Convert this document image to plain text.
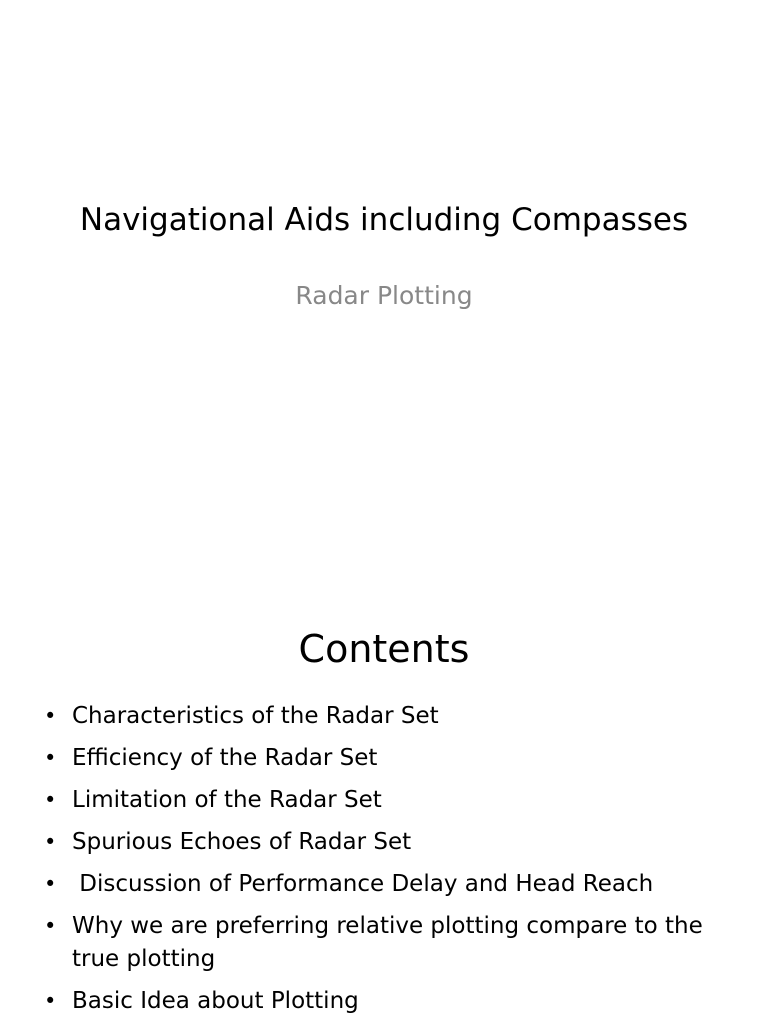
Navigational Aids including Compasses
Radar Plotting
Contents
• Characteristics of the Radar Set
• Efficiency of the Radar Set
• Limitation of the Radar Set
• Spurious Echoes of Radar Set
• Discussion of Performance Delay and Head Reach
• Why we are preferring relative plotting compare to the true plotting
• Basic Idea about Plotting
